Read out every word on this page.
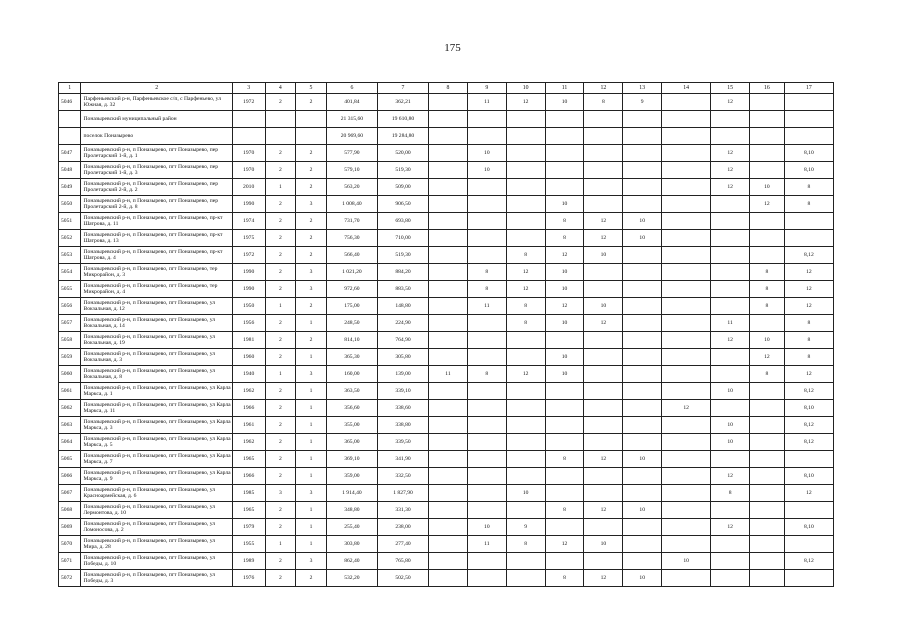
175
1	2	3	4	5	6	7	8	9	10	11	12	13	14	15	16	17
5046	Парфеньевский р-н, Парфеньевское с/п, с Парфеньево, ул Южная, д. 32	1972	2	2	401,84	362,21		11	12	10	8	9		12		
	Поназыревский муниципальный район				21 315,60	19 610,80										
	поселок Поназырево				20 969,60	19 284,80										
5047	Поназыревский р-н, п Поназырево, пгт Поназырево, пер Пролетарский 1-й, д. 1	1970	2	2	577,90	520,00		10						12		8,10
5048	Поназыревский р-н, п Поназырево, пгт Поназырево, пер Пролетарский 1-й, д. 3	1970	2	2	579,10	519,30		10						12		8,10
5049	Поназыревский р-н, п Поназырево, пгт Поназырево, пер Пролетарский 2-й, д. 2	2010	1	2	563,20	509,00								12	10	8
5050	Поназыревский р-н, п Поназырево, пгт Поназырево, пер Пролетарский 2-й, д. 8	1990	2	3	1 008,40	906,50				10					12	8
5051	Поназыревский р-н, п Поназырево, пгт Поназырево, пр-кт Шатрова, д. 11	1974	2	2	731,70	693,80				8	12	10				
5052	Поназыревский р-н, п Поназырево, пгт Поназырево, пр-кт Шатрова, д. 13	1975	2	2	756,30	710,00				8	12	10				
5053	Поназыревский р-н, п Поназырево, пгт Поназырево, пр-кт Шатрова, д. 4	1972	2	2	566,40	519,30			8	12	10					8,12
5054	Поназыревский р-н, п Поназырево, пгт Поназырево, тер Микрорайон, д. 3	1990	2	3	1 021,20	884,20		8	12	10					8	12
5055	Поназыревский р-н, п Поназырево, пгт Поназырево, тер Микрорайон, д. 4	1990	2	3	972,60	883,50		8	12	10					8	12
5056	Поназыревский р-н, п Поназырево, пгт Поназырево, ул Вокзальная, д. 12	1950	1	2	175,00	148,80		11	8	12	10				8	12
5057	Поназыревский р-н, п Поназырево, пгт Поназырево, ул Вокзальная, д. 14	1956	2	1	248,50	224,90			8	10	12			11		8
5058	Поназыревский р-н, п Поназырево, пгт Поназырево, ул Вокзальная, д. 19	1981	2	2	814,10	764,90								12	10	8
5059	Поназыревский р-н, п Поназырево, пгт Поназырево, ул Вокзальная, д. 3	1960	2	1	365,30	305,80				10					12	8
5060	Поназыревский р-н, п Поназырево, пгт Поназырево, ул Вокзальная, д. 8	1940	1	3	160,00	139,00	11	8	12	10					8	12
5061	Поназыревский р-н, п Поназырево, пгт Поназырево, ул Карла Маркса, д. 1	1962	2	1	363,50	339,10								10		8,12
5062	Поназыревский р-н, п Поназырево, пгт Поназырево, ул Карла Маркса, д. 11	1966	2	1	356,60	338,60							12			8,10
5063	Поназыревский р-н, п Поназырево, пгт Поназырево, ул Карла Маркса, д. 3	1961	2	1	355,00	338,80								10		8,12
5064	Поназыревский р-н, п Поназырево, пгт Поназырево, ул Карла Маркса, д. 5	1962	2	1	365,00	339,50								10		8,12
5065	Поназыревский р-н, п Поназырево, пгт Поназырево, ул Карла Маркса, д. 7	1965	2	1	369,10	341,90				8	12	10				
5066	Поназыревский р-н, п Поназырево, пгт Поназырево, ул Карла Маркса, д. 9	1966	2	1	359,00	332,50								12		8,10
5067	Поназыревский р-н, п Поназырево, пгт Поназырево, ул Красноармейская, д. 6	1985	3	3	1 914,40	1 827,90			10					8		12
5068	Поназыревский р-н, п Поназырево, пгт Поназырево, ул Лермонтова, д. 10	1965	2	1	348,80	331,30				8	12	10				
5069	Поназыревский р-н, п Поназырево, пгт Поназырево, ул Ломоносова, д. 2	1979	2	1	255,40	238,00		10	9					12		8,10
5070	Поназыревский р-н, п Поназырево, пгт Поназырево, ул Мира, д. 28	1955	1	1	303,80	277,40		11	8	12	10					
5071	Поназыревский р-н, п Поназырево, пгт Поназырево, ул Победы, д. 10	1989	2	3	862,40	765,80							10			8,12
5072	Поназыревский р-н, п Поназырево, пгт Поназырево, ул Победы, д. 3	1976	2	2	532,20	502,50				8	12	10				
